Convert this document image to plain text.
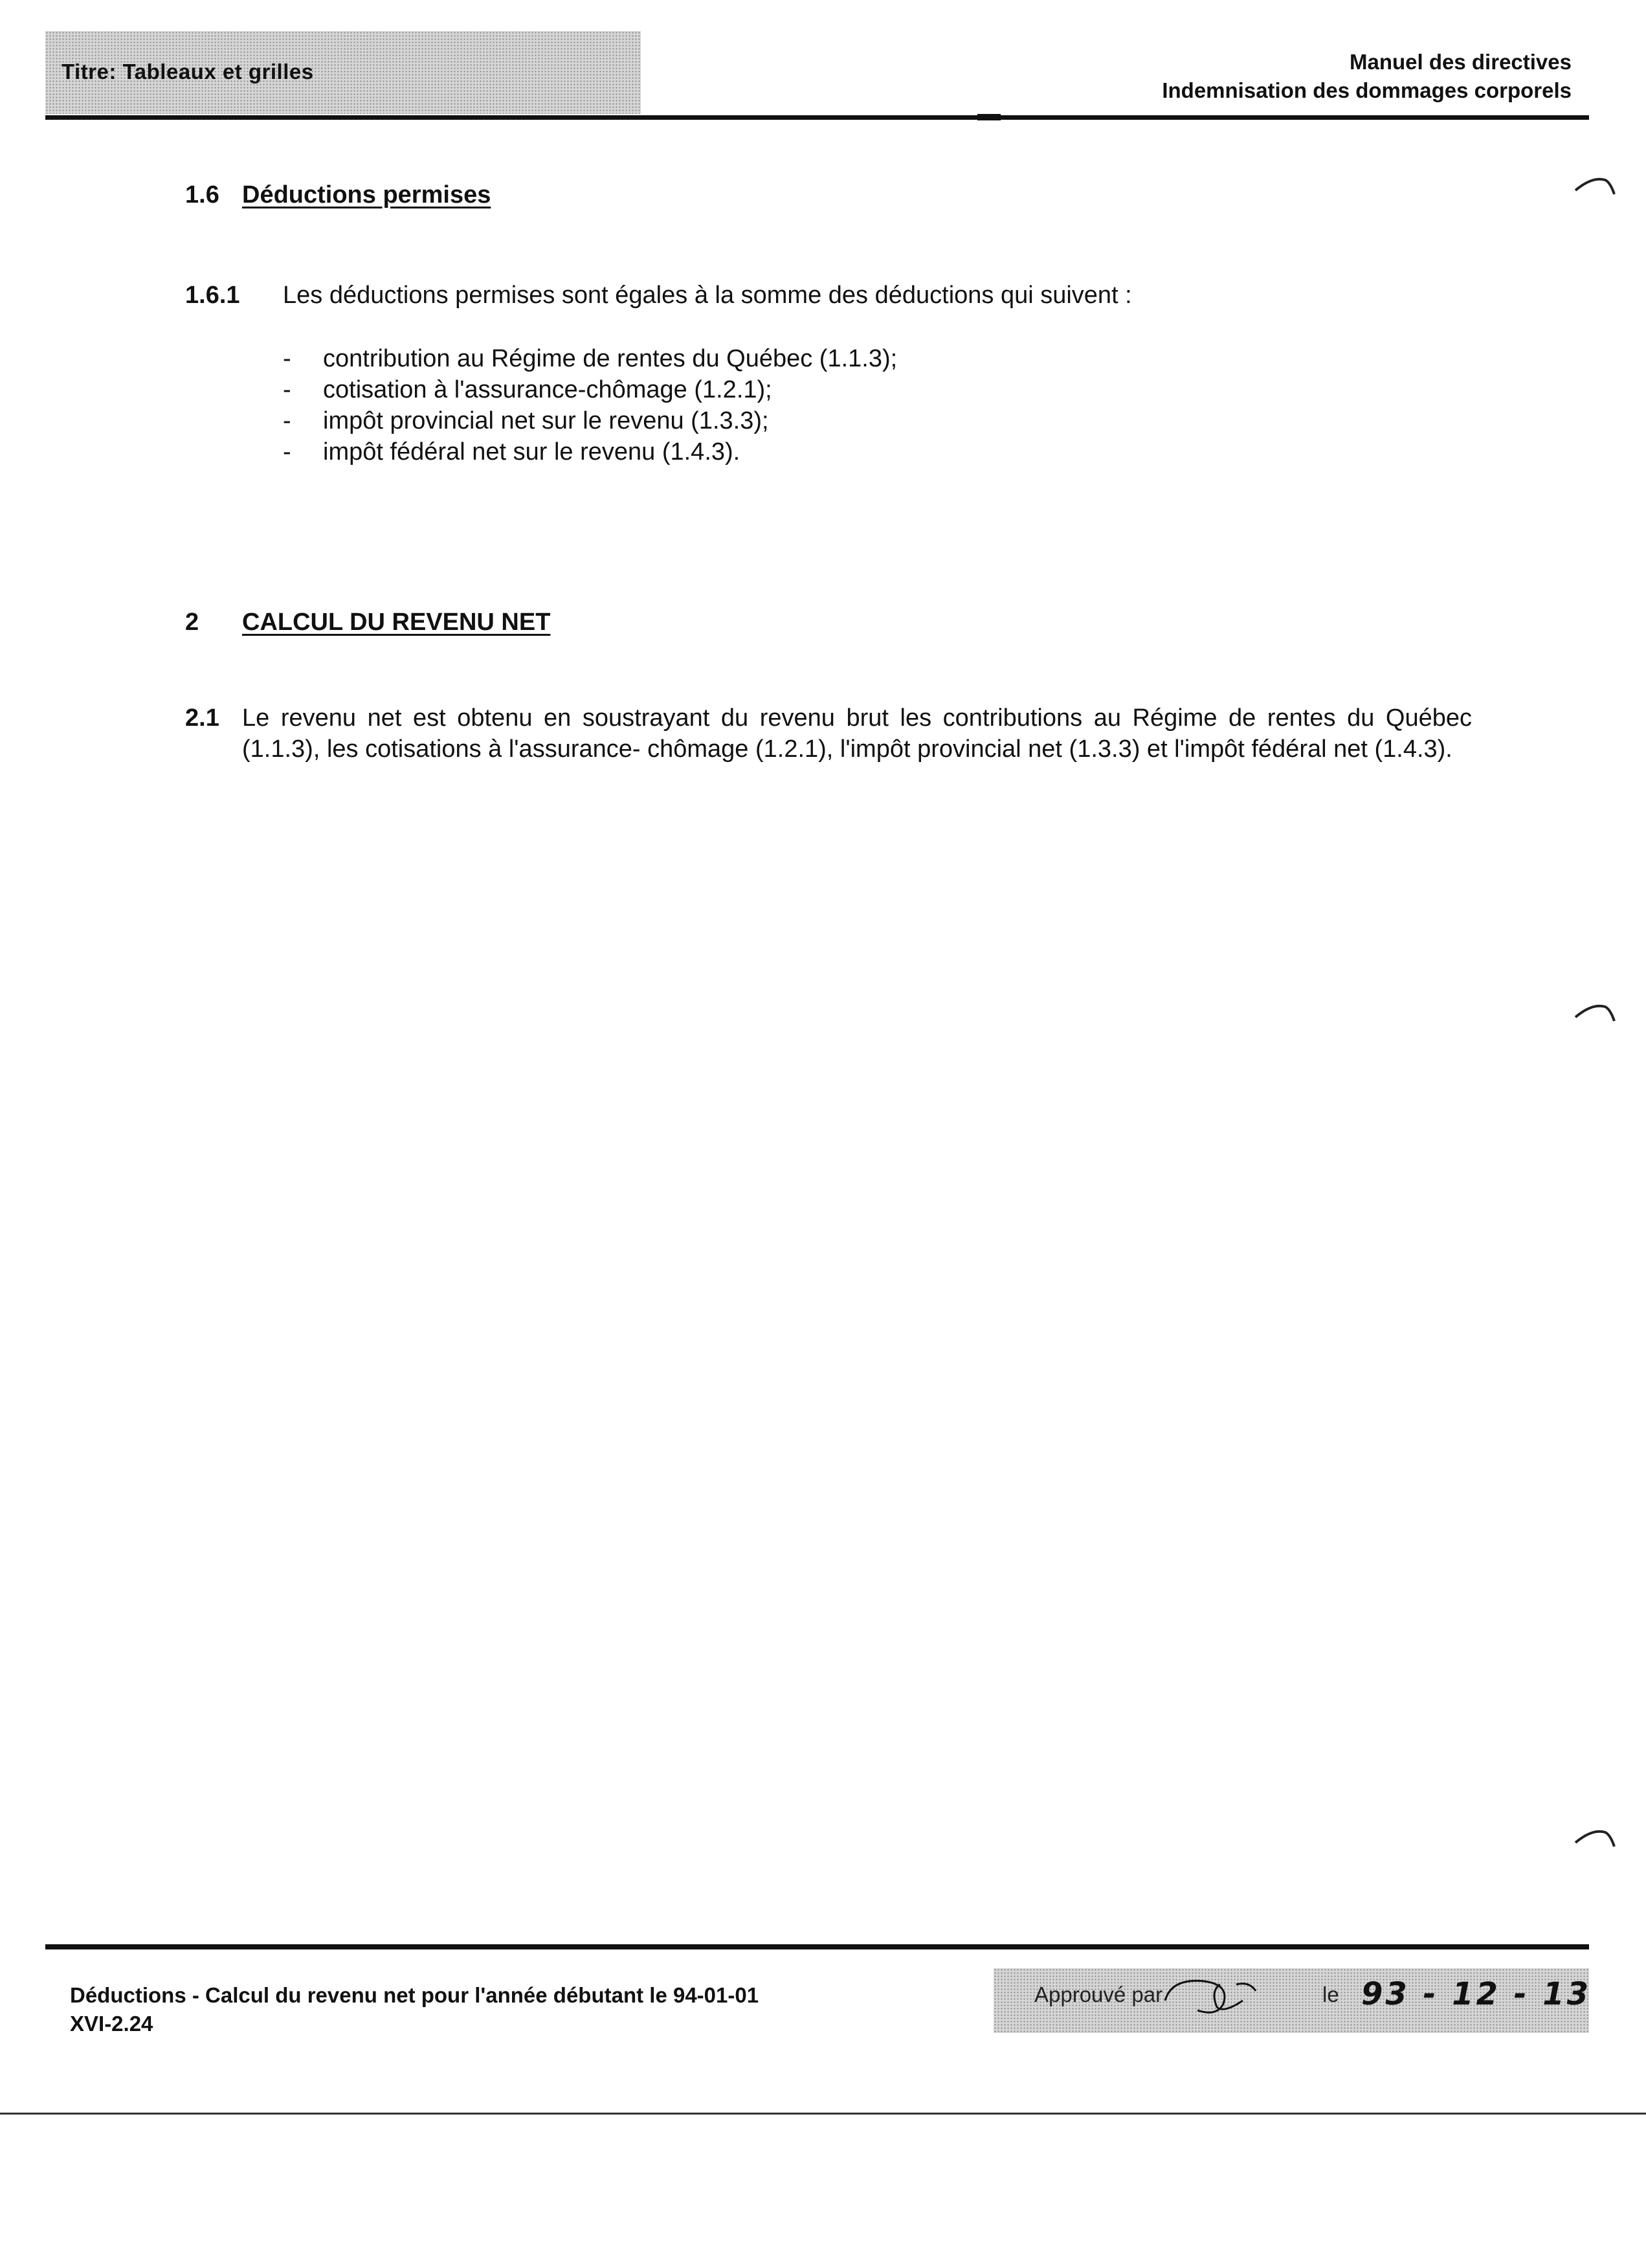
Titre: Tableaux et grilles	Manuel des directives
Indemnisation des dommages corporels
1.6 Déductions permises
1.6.1 Les déductions permises sont égales à la somme des déductions qui suivent :
-	contribution au Régime de rentes du Québec (1.1.3);
-	cotisation à l'assurance-chômage (1.2.1);
-	impôt provincial net sur le revenu (1.3.3);
-	impôt fédéral net sur le revenu (1.4.3).
2 CALCUL DU REVENU NET
2.1 Le revenu net est obtenu en soustrayant du revenu brut les contributions au Régime de rentes du Québec (1.1.3), les cotisations à l'assurance- chômage (1.2.1), l'impôt provincial net (1.3.3) et l'impôt fédéral net (1.4.3).
Déductions - Calcul du revenu net pour l'année débutant le 94-01-01
XVI-2.24
Approuvé par	le 93 - 12 - 13
